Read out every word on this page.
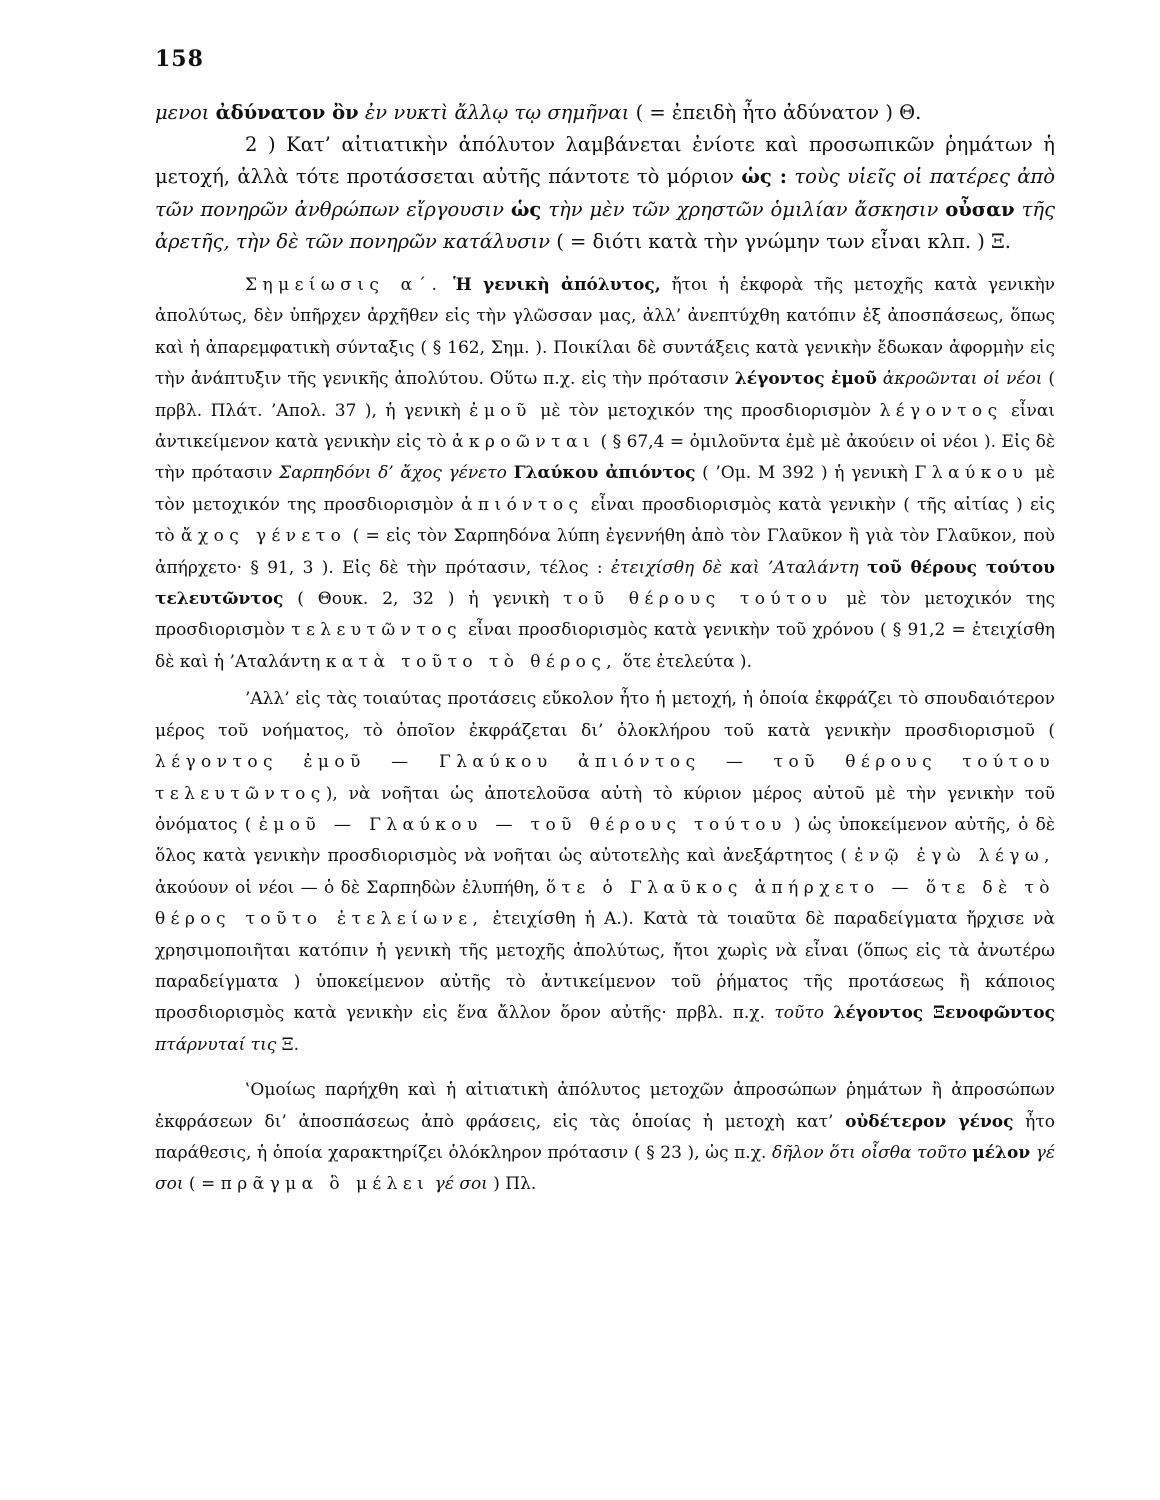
158

μενοι ἀδύνατον ὂν ἐν νυκτὶ ἄλλῳ τῳ σημῆναι ( = ἐπειδὴ ἦτο ἀδύνατον ) Θ.

2 ) Κατ’ αἰτιατικὴν ἀπόλυτον λαμβάνεται ἐνίοτε καὶ προσωπικῶν ῥημάτων ἡ μετοχή, ἀλλὰ τότε προτάσσεται αὐτῆς πάντοτε τὸ μόριον ὡς : τοὺς υἱεῖς οἱ πατέρες ἀπὸ τῶν πονηρῶν ἀνθρώπων εἴργουσιν ὡς τὴν μὲν τῶν χρηστῶν ὁμιλίαν ἄσκησιν οὖσαν τῆς ἀρετῆς, τὴν δὲ τῶν πονηρῶν κατάλυσιν ( = διότι κατὰ τὴν γνώμην των εἶναι κλπ. ) Ξ.

Σημείωσις α΄. Ἡ γενικὴ ἀπόλυτος, ἤτοι ἡ ἐκφορὰ τῆς μετοχῆς κατὰ γενικὴν ἀπολύτως, δὲν ὑπῆρχεν ἀρχῆθεν εἰς τὴν γλῶσσαν μας, ἀλλ’ ἀνεπτύχθη κατόπιν ἐξ ἀποσπάσεως, ὅπως καὶ ἡ ἀπαρεμφατικὴ σύνταξις ( § 162, Σημ. ). Ποικίλαι δὲ συντάξεις κατὰ γενικὴν ἔδωκαν ἀφορμὴν εἰς τὴν ἀνάπτυξιν τῆς γενικῆς ἀπολύτου. Οὕτω π.χ. εἰς τὴν πρότασιν λέγοντος ἐμοῦ ἀκροῶνται οἱ νέοι ( πρβλ. Πλάτ. ’Απολ. 37 ), ἡ γενικὴ ἐμοῦ μὲ τὸν μετοχικόν της προσδιορισμὸν λέγοντος εἶναι ἀντικείμενον κατὰ γενικὴν εἰς τὸ ἀκροῶνται ( § 67,4 = ὁμιλοῦντα ἐμὲ μὲ ἀκούειν οἱ νέοι ). Εἰς δὲ τὴν πρότασιν Σαρπηδόνι δ’ ἄχος γένετο Γλαύκου ἀπιόντος ( ’Ομ. Μ 392 ) ἡ γενικὴ Γλαύκου μὲ τὸν μετοχικόν της προσδιορισμὸν ἀπιόντος εἶναι προσδιορισμὸς κατὰ γενικὴν ( τῆς αἰτίας ) εἰς τὸ ἄχος γένετο ( = εἰς τὸν Σαρπηδόνα λύπη ἐγεννήθη ἀπὸ τὸν Γλαῦκον ἢ γιὰ τὸν Γλαῦκον, ποὺ ἀπήρχετο· § 91, 3 ). Εἰς δὲ τὴν πρότασιν, τέλος : ἐτειχίσθη δὲ καὶ ’Αταλάντη τοῦ θέρους τούτου τελευτῶντος ( Θουκ. 2, 32 ) ἡ γενικὴ τοῦ θέρους τούτου μὲ τὸν μετοχικόν της προσδιορισμὸν τελευτῶντος εἶναι προσδιορισμὸς κατὰ γενικὴν τοῦ χρόνου ( § 91,2 = ἐτειχίσθη δὲ καὶ ἡ ’Αταλάντη κατὰ τοῦτο τὸ θέρος, ὅτε ἐτελεύτα ).

’Αλλ’ εἰς τὰς τοιαύτας προτάσεις εὔκολον ἦτο ἡ μετοχή, ἡ ὁποία ἐκφράζει τὸ σπουδαιότερον μέρος τοῦ νοήματος, τὸ ὁποῖον ἐκφράζεται δι’ ὁλοκλήρου τοῦ κατὰ γενικὴν προσδιορισμοῦ ( λέγοντος ἐμοῦ — Γλαύκου ἀπιόντος — τοῦ θέρους τούτου τελευτῶντος), νὰ νοῆται ὡς ἀποτελοῦσα αὐτὴ τὸ κύριον μέρος αὐτοῦ μὲ τὴν γενικὴν τοῦ ὀνόματος ( ἐμοῦ — Γλαύκου — τοῦ θέρους τούτου ) ὡς ὑποκείμενον αὐτῆς, ὁ δὲ ὅλος κατὰ γενικὴν προσδιορισμὸς νὰ νοῆται ὡς αὐτοτελὴς καὶ ἀνεξάρτητος ( ἐνῷ ἐγὼ λέγω, ἀκούουν οἱ νέοι — ὁ δὲ Σαρπηδὼν ἐλυπήθη, ὅτε ὁ Γλαῦκος ἀπήρχετο — ὅτε δὲ τὸ θέρος τοῦτο ἐτελείωνε, ἐτειχίσθη ἡ Α.). Κατὰ τὰ τοιαῦτα δὲ παραδείγματα ἤρχισε νὰ χρησιμοποιῆται κατόπιν ἡ γενικὴ τῆς μετοχῆς ἀπολύτως, ἤτοι χωρὶς νὰ εἶναι (ὅπως εἰς τὰ ἀνωτέρω παραδείγματα ) ὑποκείμενον αὐτῆς τὸ ἀντικείμενον τοῦ ῥήματος τῆς προτάσεως ἢ κάποιος προσδιορισμὸς κατὰ γενικὴν εἰς ἕνα ἄλλον ὅρον αὐτῆς· πρβλ. π.χ. τοῦτο λέγοντος Ξενοφῶντος πτάρνυταί τις Ξ.

‛Ομοίως παρήχθη καὶ ἡ αἰτιατικὴ ἀπόλυτος μετοχῶν ἀπροσώπων ῥημάτων ἢ ἀπροσώπων ἐκφράσεων δι’ ἀποσπάσεως ἀπὸ φράσεις, εἰς τὰς ὁποίας ἡ μετοχὴ κατ’ οὐδέτερον γένος ἦτο παράθεσις, ἡ ὁποία χαρακτηρίζει ὁλόκληρον πρότασιν ( § 23 ), ὡς π.χ. δῆλον ὅτι οἶσθα τοῦτο μέλον γέ σοι ( = πρᾶγμα ὃ μέλει γέ σοι ) Πλ.
